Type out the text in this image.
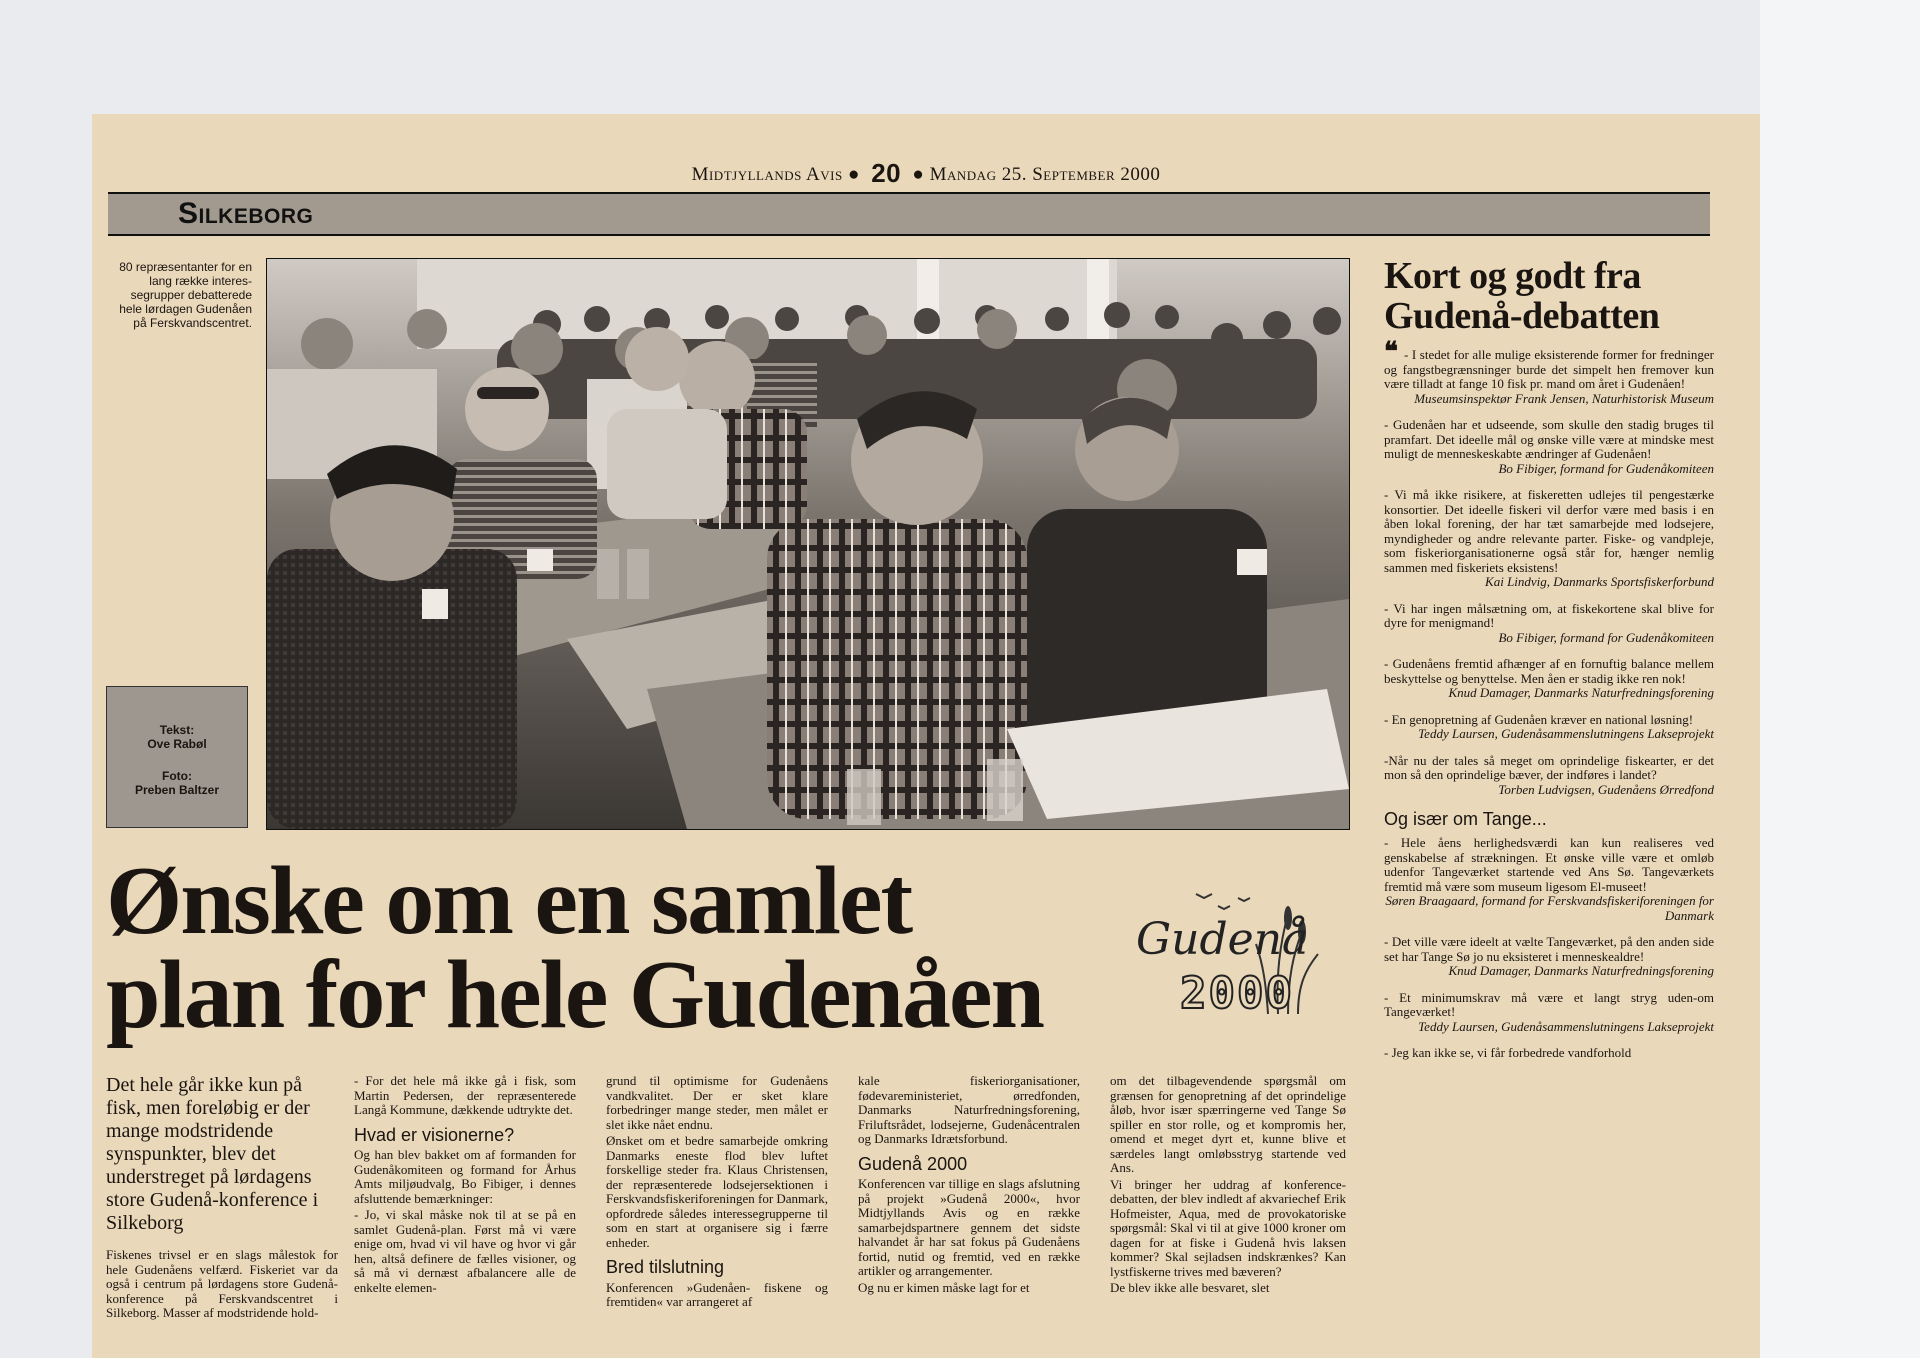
Midtjyllands Avis ● 20 ● Mandag 25. September 2000
Silkeborg
80 repræsentanter for en lang række interes-segrupper debatterede hele lørdagen Gudenåen på Ferskvandscentret.
Tekst:
Ove Rabøl
Foto:
Preben Baltzer
Ønske om en samlet
plan for hele Gudenåen
Gudenå
2000
Det hele går ikke kun på fisk, men foreløbig er der mange modstridende synspunkter, blev det understreget på lørdagens store Gudenå-konference i Silkeborg
Fiskenes trivsel er en slags målestok for hele Gudenåens velfærd. Fiskeriet var da også i centrum på lørdagens store Gudenå-konference på Ferskvandscentret i Silkeborg. Masser af modstridende hold-

- For det hele må ikke gå i fisk, som Martin Pedersen, der repræsenterede Langå Kommune, dækkende udtrykte det.

Hvad er visionerne?

Og han blev bakket om af formanden for Gudenåkomiteen og formand for Århus Amts miljøudvalg, Bo Fibiger, i dennes afsluttende bemærkninger:

- Jo, vi skal måske nok til at se på en samlet Gudenå-plan. Først må vi være enige om, hvad vi vil have og hvor vi går hen, altså definere de fælles visioner, og så må vi dernæst afbalancere alle de enkelte elemen-

grund til optimisme for Gudenåens vandkvalitet. Der er sket klare forbedringer mange steder, men målet er slet ikke nået endnu.

Ønsket om et bedre samarbejde omkring Danmarks eneste flod blev luftet forskellige steder fra. Klaus Christensen, der repræsenterede lodsejersektionen i Ferskvandsfiskeriforeningen for Danmark, opfordrede således interessegrupperne til som en start at organisere sig i færre enheder.

Bred tilslutning

Konferencen »Gudenåen- fiskene og fremtiden« var arrangeret af

kale fiskeriorganisationer, fødevareministeriet, ørredfonden, Danmarks Naturfredningsforening, Friluftsrådet, lodsejerne, Gudenåcentralen og Danmarks Idrætsforbund.

Gudenå 2000

Konferencen var tillige en slags afslutning på projekt »Gudenå 2000«, hvor Midtjyllands Avis og en række samarbejdspartnere gennem det sidste halvandet år har sat fokus på Gudenåens fortid, nutid og fremtid, ved en række artikler og arrangementer.

Og nu er kimen måske lagt for et

om det tilbagevendende spørgsmål om grænsen for genopretning af det oprindelige åløb, hvor især spærringerne ved Tange Sø spiller en stor rolle, og et kompromis her, omend et meget dyrt et, kunne blive et særdeles langt omløbsstryg startende ved Ans.

Vi bringer her uddrag af konference-debatten, der blev indledt af akvariechef Erik Hofmeister, Aqua, med de provokatoriske spørgsmål: Skal vi til at give 1000 kroner om dagen for at fiske i Gudenå hvis laksen kommer? Skal sejladsen indskrænkes? Kan lystfiskerne trives med bæveren?

De blev ikke alle besvaret, slet

Kort og godt fra Gudenå-debatten
❝ - I stedet for alle mulige eksisterende former for fredninger og fangstbegrænsninger burde det simpelt hen fremover kun være tilladt at fange 10 fisk pr. mand om året i Gudenåen!
Museumsinspektør Frank Jensen, Naturhistorisk Museum
- Gudenåen har et udseende, som skulle den stadig bruges til pramfart. Det ideelle mål og ønske ville være at mindske mest muligt de menneskeskabte ændringer af Gudenåen!
Bo Fibiger, formand for Gudenåkomiteen
- Vi må ikke risikere, at fiskeretten udlejes til pengestærke konsortier. Det ideelle fiskeri vil derfor være med basis i en åben lokal forening, der har tæt samarbejde med lodsejere, myndigheder og andre relevante parter. Fiske- og vandpleje, som fiskeriorganisationerne også står for, hænger nemlig sammen med fiskeriets eksistens!
Kai Lindvig, Danmarks Sportsfiskerforbund
- Vi har ingen målsætning om, at fiskekortene skal blive for dyre for menigmand!
Bo Fibiger, formand for Gudenåkomiteen
- Gudenåens fremtid afhænger af en fornuftig balance mellem beskyttelse og benyttelse. Men åen er stadig ikke ren nok!
Knud Damager, Danmarks Naturfredningsforening
- En genopretning af Gudenåen kræver en national løsning!
Teddy Laursen, Gudenåsammenslutningens Lakseprojekt
-Når nu der tales så meget om oprindelige fiskearter, er det mon så den oprindelige bæver, der indføres i landet?
Torben Ludvigsen, Gudenåens Ørredfond
Og især om Tange...
- Hele åens herlighedsværdi kan kun realiseres ved genskabelse af strækningen. Et ønske ville være et omløb udenfor Tangeværket startende ved Ans Sø. Tangeværkets fremtid må være som museum ligesom El-museet!
Søren Braagaard, formand for Ferskvandsfiskeriforeningen for Danmark
- Det ville være ideelt at vælte Tangeværket, på den anden side set har Tange Sø jo nu eksisteret i menneskealdre!
Knud Damager, Danmarks Naturfredningsforening
- Et minimumskrav må være et langt stryg uden-om Tangeværket!
Teddy Laursen, Gudenåsammenslutningens Lakseprojekt
- Jeg kan ikke se, vi får forbedrede vandforhold
